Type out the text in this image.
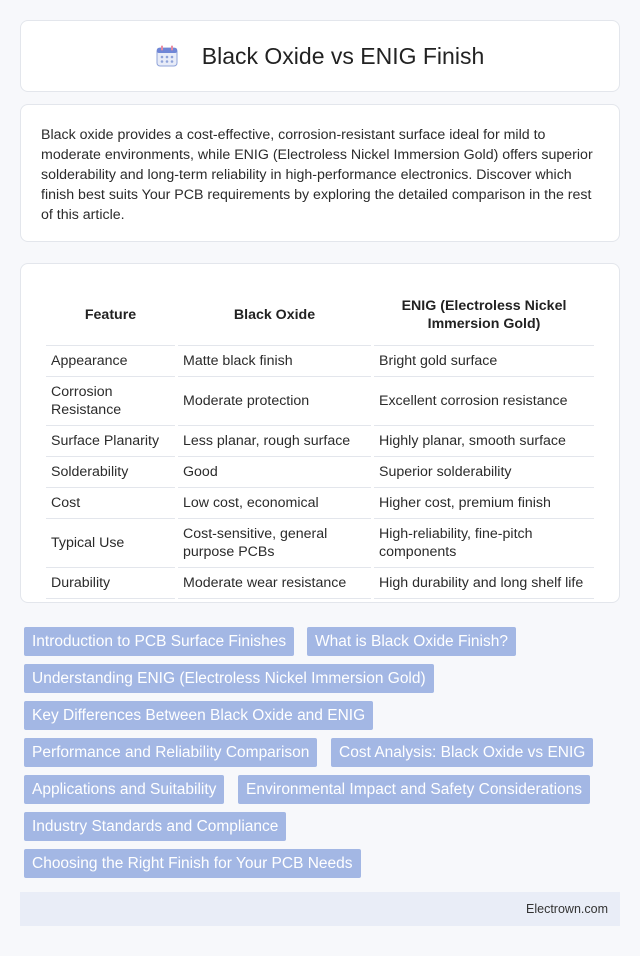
Black Oxide vs ENIG Finish

Black oxide provides a cost-effective, corrosion-resistant surface ideal for mild to moderate environments, while ENIG (Electroless Nickel Immersion Gold) offers superior solderability and long-term reliability in high-performance electronics. Discover which finish best suits Your PCB requirements by exploring the detailed comparison in the rest of this article.

Feature	Black Oxide	ENIG (Electroless Nickel Immersion Gold)
Appearance	Matte black finish	Bright gold surface
Corrosion Resistance	Moderate protection	Excellent corrosion resistance
Surface Planarity	Less planar, rough surface	Highly planar, smooth surface
Solderability	Good	Superior solderability
Cost	Low cost, economical	Higher cost, premium finish
Typical Use	Cost-sensitive, general purpose PCBs	High-reliability, fine-pitch components
Durability	Moderate wear resistance	High durability and long shelf life
Introduction to PCB Surface Finishes	What is Black Oxide Finish?
Understanding ENIG (Electroless Nickel Immersion Gold)
Key Differences Between Black Oxide and ENIG
Performance and Reliability Comparison	Cost Analysis: Black Oxide vs ENIG
Applications and Suitability	Environmental Impact and Safety Considerations
Industry Standards and Compliance
Choosing the Right Finish for Your PCB Needs
Electrown.com
